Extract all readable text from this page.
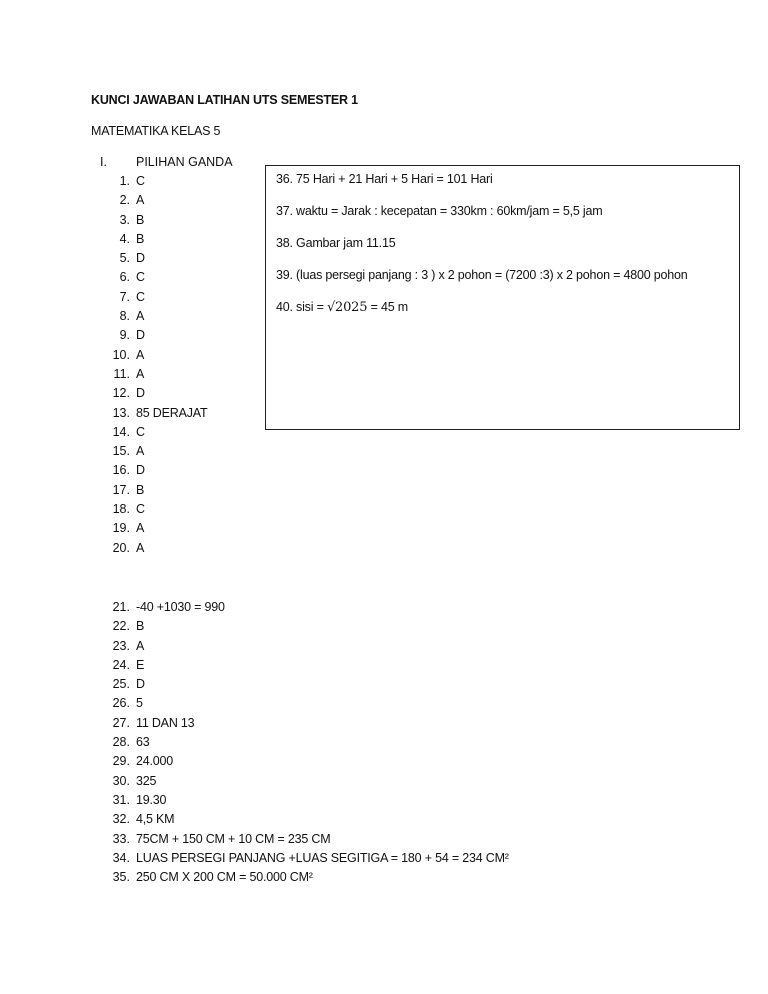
KUNCI JAWABAN LATIHAN UTS SEMESTER 1
MATEMATIKA KELAS 5
I. PILIHAN GANDA
1. C
2. A
3. B
4. B
5. D
6. C
7. C
8. A
9. D
10. A
11. A
12. D
13. 85 DERAJAT
14. C
15. A
16. D
17. B
18. C
19. A
20. A
21. -40 +1030 = 990
22. B
23. A
24. E
25. D
26. 5
27. 11 DAN 13
28. 63
29. 24.000
30. 325
31. 19.30
32. 4,5 KM
33. 75CM + 150 CM + 10 CM = 235 CM
34. LUAS PERSEGI PANJANG +LUAS SEGITIGA = 180 + 54 = 234 CM²
35. 250 CM X 200 CM = 50.000 CM²
36. 75 Hari + 21 Hari + 5 Hari = 101 Hari
37. waktu = Jarak : kecepatan = 330km : 60km/jam = 5,5 jam
38. Gambar jam 11.15
39. (luas persegi panjang : 3 ) x 2 pohon = (7200 :3) x 2 pohon = 4800 pohon
40. sisi = √2025 = 45 m
